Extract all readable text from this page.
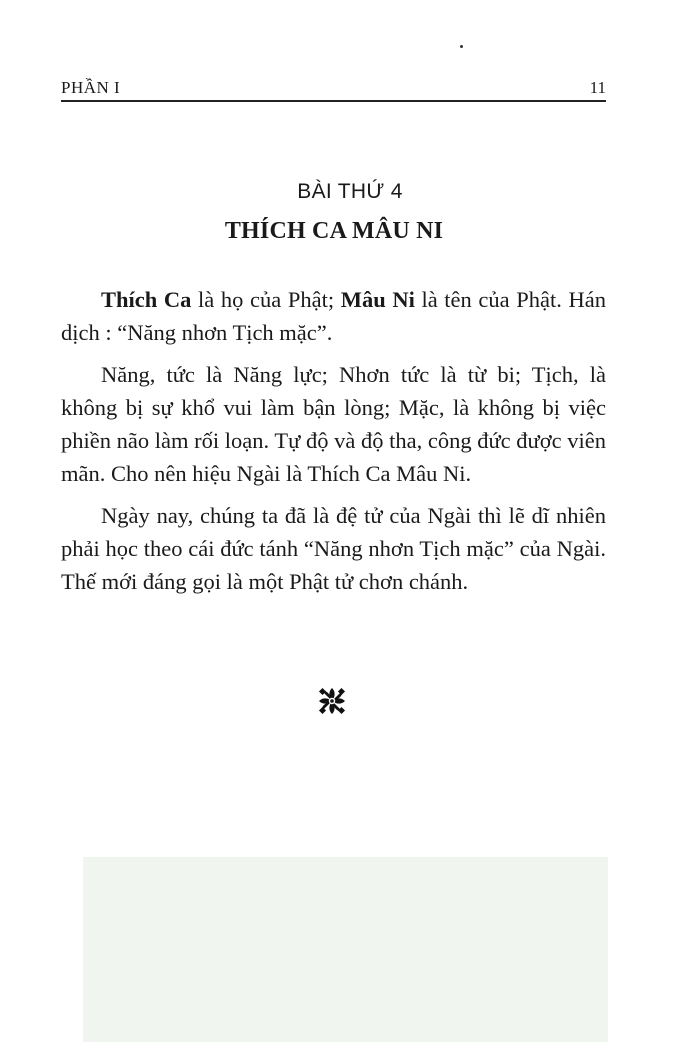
PHẦN I	11
BÀI THỨ 4
THÍCH CA MÂU NI

Thích Ca là họ của Phật; Mâu Ni là tên của Phật. Hán dịch : “Năng nhơn Tịch mặc”.

Năng, tức là Năng lực; Nhơn tức là từ bi; Tịch, là không bị sự khổ vui làm bận lòng; Mặc, là không bị việc phiền não làm rối loạn. Tự độ và độ tha, công đức được viên mãn. Cho nên hiệu Ngài là Thích Ca Mâu Ni.

Ngày nay, chúng ta đã là đệ tử của Ngài thì lẽ dĩ nhiên phải học theo cái đức tánh “Năng nhơn Tịch mặc” của Ngài. Thế mới đáng gọi là một Phật tử chơn chánh.
